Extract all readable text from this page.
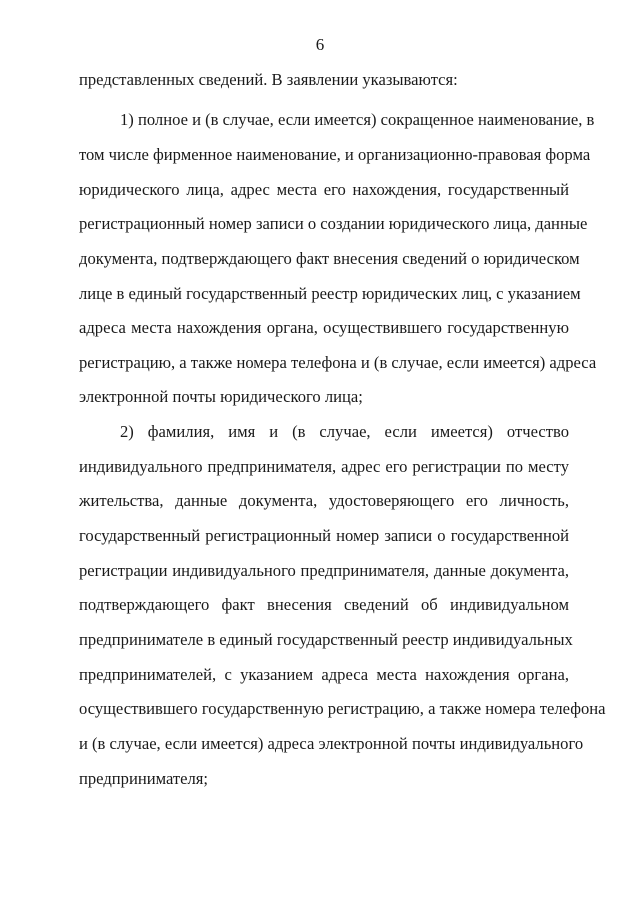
6
представленных сведений. В заявлении указываются:
1) полное и (в случае, если имеется) сокращенное наименование, в
том числе фирменное наименование, и организационно-правовая форма
юридического лица, адрес места его нахождения, государственный
регистрационный номер записи о создании юридического лица, данные
документа, подтверждающего факт внесения сведений о юридическом
лице в единый государственный реестр юридических лиц, с указанием
адреса места нахождения органа, осуществившего государственную
регистрацию, а также номера телефона и (в случае, если имеется) адреса
электронной почты юридического лица;
2) фамилия, имя и (в случае, если имеется) отчество
индивидуального предпринимателя, адрес его регистрации по месту
жительства, данные документа, удостоверяющего его личность,
государственный регистрационный номер записи о государственной
регистрации индивидуального предпринимателя, данные документа,
подтверждающего факт внесения сведений об индивидуальном
предпринимателе в единый государственный реестр индивидуальных
предпринимателей, с указанием адреса места нахождения органа,
осуществившего государственную регистрацию, а также номера телефона
и (в случае, если имеется) адреса электронной почты индивидуального
предпринимателя;
